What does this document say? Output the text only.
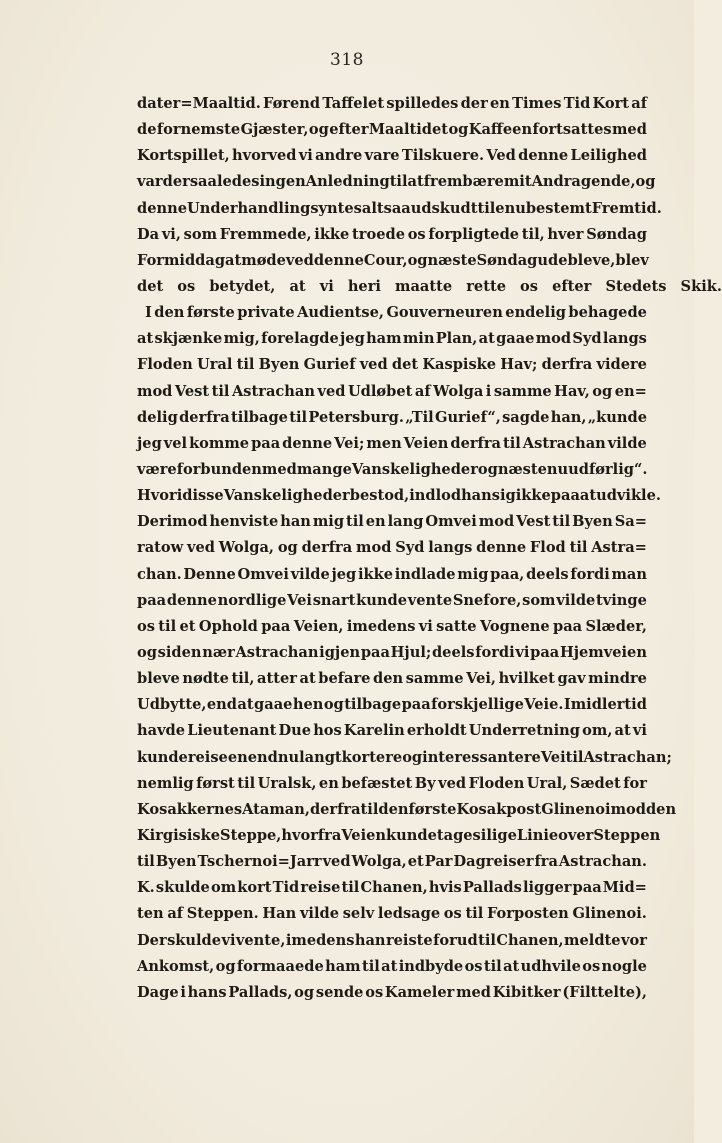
318
dater=Maaltid. Førend Taffelet spilledes der en Times Tid Kort af
de fornemste Gjæster, og efter Maaltidet og Kaffeen fortsattes med
Kortspillet, hvorved vi andre vare Tilskuere. Ved denne Leilighed
var der saaledes ingen Anledning til at frembære mit Andragende, og
denne Underhandling syntes altsaa udskudt til en ubestemt Fremtid.
Da vi, som Fremmede, ikke troede os forpligtede til, hver Søndag
Formiddag at møde ved denne Cour, og næste Søndag udebleve, blev
det os betydet, at vi heri maatte rette os efter Stedets Skik.
I den første private Audientse, Gouverneuren endelig behagede
at skjænke mig, forelagde jeg ham min Plan, at gaae mod Syd langs
Floden Ural til Byen Gurief ved det Kaspiske Hav; derfra videre
mod Vest til Astrachan ved Udløbet af Wolga i samme Hav, og en=
delig derfra tilbage til Petersburg. „Til Gurief“, sagde han, „kunde
jeg vel komme paa denne Vei; men Veien derfra til Astrachan vilde
være forbunden med mange Vanskeligheder og næsten uudførlig“.
Hvori disse Vanskeligheder bestod, indlod han sig ikke paa at udvikle.
Derimod henviste han mig til en lang Omvei mod Vest til Byen Sa=
ratow ved Wolga, og derfra mod Syd langs denne Flod til Astra=
chan. Denne Omvei vilde jeg ikke indlade mig paa, deels fordi man
paa denne nordlige Vei snart kunde vente Snefore, som vilde tvinge
os til et Ophold paa Veien, imedens vi satte Vognene paa Slæder,
og siden nær Astrachan igjen paa Hjul; deels fordi vi paa Hjemveien
bleve nødte til, atter at befare den samme Vei, hvilket gav mindre
Udbytte, end at gaae hen og tilbage paa forskjellige Veie. Imidlertid
havde Lieutenant Due hos Karelin erholdt Underretning om, at vi
kunde reise en endnu langt kortere og interessantere Vei til Astrachan;
nemlig først til Uralsk, en befæstet By ved Floden Ural, Sædet for
Kosakkernes Ataman, derfra til den første Kosakpost Glinenoi mod den
Kirgisiske Steppe, hvorfra Veien kunde tages i lige Linie over Steppen
til Byen Tschernoi=Jarr ved Wolga, et Par Dagreiser fra Astrachan.
K. skulde om kort Tid reise til Chanen, hvis Pallads ligger paa Mid=
ten af Steppen. Han vilde selv ledsage os til Forposten Glinenoi.
Der skulde vi vente, imedens han reiste forud til Chanen, meldte vor
Ankomst, og formaaede ham til at indbyde os til at udhvile os nogle
Dage i hans Pallads, og sende os Kameler med Kibitker (Filttelte),
